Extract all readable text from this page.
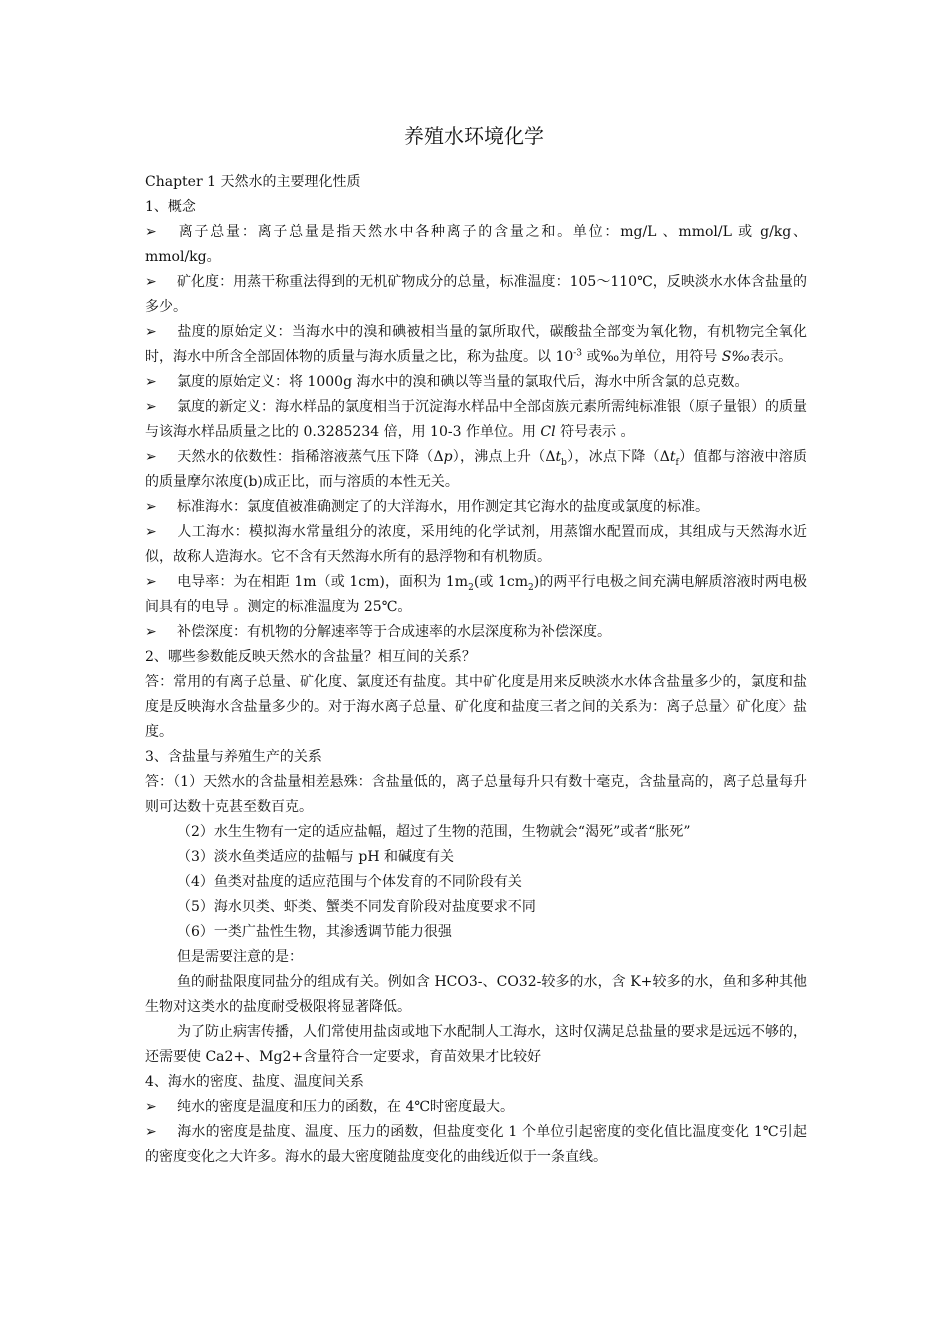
养殖水环境化学
Chapter 1 天然水的主要理化性质
1、概念
➢ 离子总量：离子总量是指天然水中各种离子的含量之和。单位：mg/L 、mmol/L 或 g/kg、mmol/kg。
➢ 矿化度：用蒸干称重法得到的无机矿物成分的总量，标准温度：105～110℃，反映淡水水体含盐量的多少。
➢ 盐度的原始定义：当海水中的溴和碘被相当量的氯所取代，碳酸盐全部变为氧化物，有机物完全氧化时，海水中所含全部固体物的质量与海水质量之比，称为盐度。以 $10^{-3}$ 或‰为单位，用符号 S‰表示。
➢ 氯度的原始定义：将 1000g 海水中的溴和碘以等当量的氯取代后，海水中所含氯的总克数。
➢ 氯度的新定义：海水样品的氯度相当于沉淀海水样品中全部卤族元素所需纯标准银（原子量银）的质量与该海水样品质量之比的 0.3285234 倍，用 10-3 作单位。用 Cl 符号表示 。
➢ 天然水的依数性：指稀溶液蒸气压下降（Δp），沸点上升$(\Delta t_b)$，冰点下降$(\Delta t_f)$值都与溶液中溶质的质量摩尔浓度(b)成正比，而与溶质的本性无关。
➢ 标准海水：氯度值被准确测定了的大洋海水，用作测定其它海水的盐度或氯度的标准。
➢ 人工海水：模拟海水常量组分的浓度，采用纯的化学试剂，用蒸馏水配置而成，其组成与天然海水近似，故称人造海水。它不含有天然海水所有的悬浮物和有机物质。
➢ 电导率：为在相距 1m（或 1cm)，面积为 $1m_2$(或 $1cm_2$)的两平行电极之间充满电解质溶液时两电极间具有的电导 。测定的标准温度为 25℃。
➢ 补偿深度：有机物的分解速率等于合成速率的水层深度称为补偿深度。
2、哪些参数能反映天然水的含盐量？相互间的关系？
答：常用的有离子总量、矿化度、氯度还有盐度。其中矿化度是用来反映淡水水体含盐量多少的，氯度和盐度是反映海水含盐量多少的。对于海水离子总量、矿化度和盐度三者之间的关系为：离子总量〉矿化度〉盐度。
3、含盐量与养殖生产的关系
答：（1）天然水的含盐量相差悬殊：含盐量低的，离子总量每升只有数十毫克，含盐量高的，离子总量每升则可达数十克甚至数百克。
（2）水生生物有一定的适应盐幅，超过了生物的范围，生物就会“渴死”或者“胀死”
（3）淡水鱼类适应的盐幅与 pH 和碱度有关
（4）鱼类对盐度的适应范围与个体发育的不同阶段有关
（5）海水贝类、虾类、蟹类不同发育阶段对盐度要求不同
（6）一类广盐性生物，其渗透调节能力很强
但是需要注意的是：
鱼的耐盐限度同盐分的组成有关。例如含 HCO3-、CO32-较多的水，含 K+较多的水，鱼和多种其他生物对这类水的盐度耐受极限将显著降低。
为了防止病害传播，人们常使用盐卤或地下水配制人工海水，这时仅满足总盐量的要求是远远不够的，还需要使 Ca2+、Mg2+含量符合一定要求，育苗效果才比较好
4、海水的密度、盐度、温度间关系
➢ 纯水的密度是温度和压力的函数，在 4℃时密度最大。
➢ 海水的密度是盐度、温度、压力的函数，但盐度变化 1 个单位引起密度的变化值比温度变化 1℃引起的密度变化之大许多。海水的最大密度随盐度变化的曲线近似于一条直线。
